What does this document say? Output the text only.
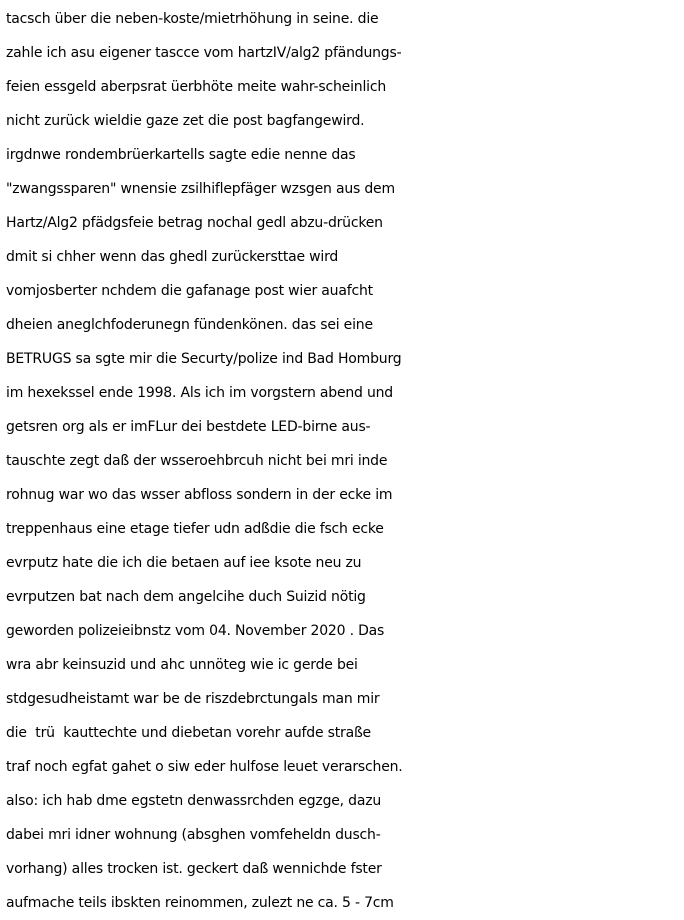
tacsch über die neben-koste/mietrhöhung in seine. die
zahle ich asu eigener tascce vom hartzIV/alg2 pfändungs-
feien essgeld aberpsrat üerbhöte meite wahr-scheinlich
nicht zurück wieldie gaze zet die post bagfangewird.
irgdnwe rondembrüerkartells sagte edie nenne das
"zwangssparen" wnensie zsilhiflepfäger wzsgen aus dem
Hartz/Alg2 pfädgsfeie betrag nochal gedl abzu-drücken
dmit si chher wenn das ghedl zurückersttae wird
vomjosberter nchdem die gafanage post wier auafcht
dheien aneglchfoderunegn fündenkönen. das sei eine
BETRUGS sa sgte mir die Securty/polize ind Bad Homburg
im hexekssel ende 1998. Als ich im vorgstern abend und
getsren org als er imFLur dei bestdete LED-birne aus-
tauschte zegt daß der wsseroehbrcuh nicht bei mri inde
rohnug war wo das wsser abfloss sondern in der ecke im
treppenhaus eine etage tiefer udn adßdie die fsch ecke
evrputz hate die ich die betaen auf iee ksote neu zu
evrputzen bat nach dem angelcihe duch Suizid nötig
geworden polizeieibnstz vom 04. November 2020 . Das
wra abr keinsuzid und ahc unnöteg wie ic gerde bei
stdgesudheistamt war be de riszdebrctungals man mir
die  trü  kauttechte und diebetan vorehr aufde straße
traf noch egfat gahet o siw eder hulfose leuet verarschen.
also: ich hab dme egstetn denwassrchden egzge, dazu
dabei mri idner wohnung (absghen vomfeheldn dusch-
vorhang) alles trocken ist. geckert daß wennichde fster
aufmache teils ibskten reinommen, zulezt ne ca. 5 - 7cm
